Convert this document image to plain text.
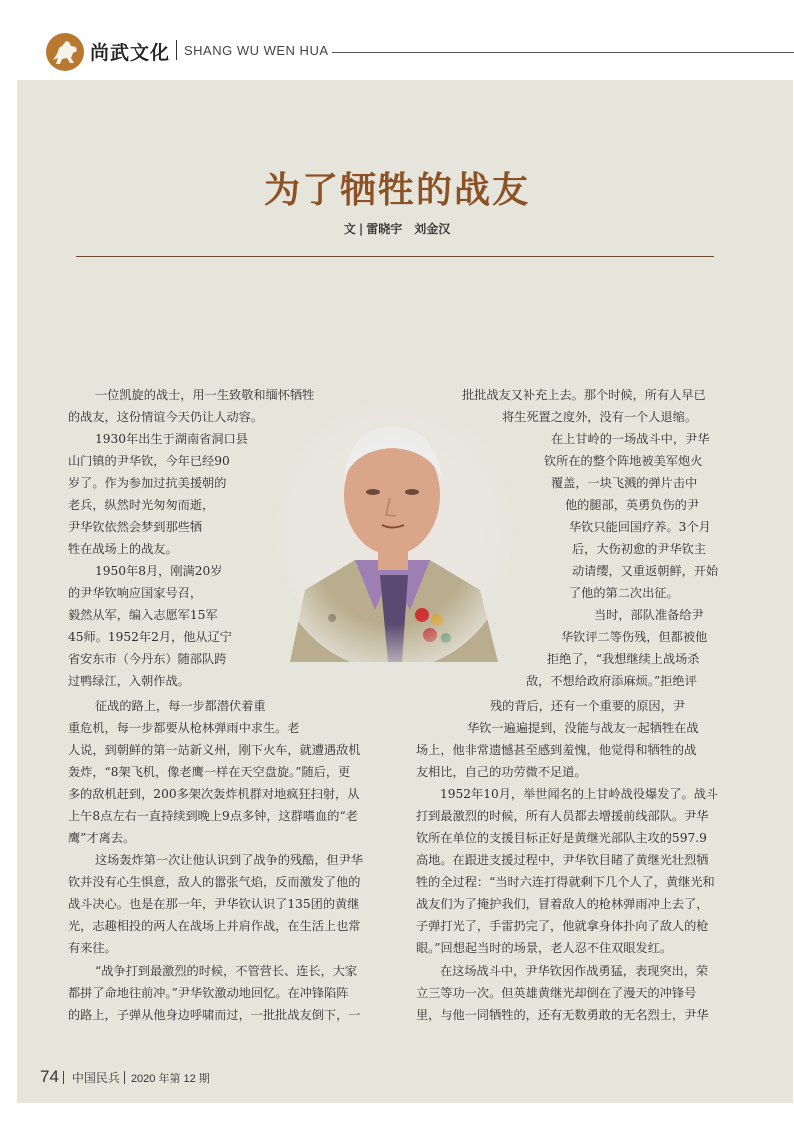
尚武文化 SHANG WU WEN HUA
为了牺牲的战友
文 | 雷晓宇　刘金汉
一位凯旋的战士，用一生致敬和缅怀牺牲
的战友，这份情谊今天仍让人动容。
1930年出生于湖南省洞口县
山门镇的尹华钦，今年已经90
岁了。作为参加过抗美援朝的
老兵，纵然时光匆匆而逝，
尹华钦依然会梦到那些牺
牲在战场上的战友。
1950年8月，刚满20岁
的尹华钦响应国家号召，
毅然从军，编入志愿军15军
45师。1952年2月，他从辽宁
省安东市（今丹东）随部队跨
过鸭绿江，入朝作战。
征战的路上，每一步都潜伏着重
重危机，每一步都要从枪林弹雨中求生。老
人说，到朝鲜的第一站新义州，刚下火车，就遭遇敌机
轰炸，“8架飞机，像老鹰一样在天空盘旋。”随后，更
多的敌机赶到，200多架次轰炸机群对地疯狂扫射，从
上午8点左右一直持续到晚上9点多钟，这群嗜血的“老
鹰”才离去。
这场轰炸第一次让他认识到了战争的残酷，但尹华
钦并没有心生惧意，敌人的嚣张气焰，反而激发了他的
战斗决心。也是在那一年，尹华钦认识了135团的黄继
光，志趣相投的两人在战场上并肩作战，在生活上也常
有来往。
“战争打到最激烈的时候，不管营长、连长，大家
都拼了命地往前冲。”尹华钦激动地回忆。在冲锋陷阵
的路上，子弹从他身边呼啸而过，一批批战友倒下，一
批批战友又补充上去。那个时候，所有人早已
将生死置之度外，没有一个人退缩。
在上甘岭的一场战斗中，尹华
钦所在的整个阵地被美军炮火
覆盖，一块飞溅的弹片击中
他的腿部，英勇负伤的尹
华钦只能回国疗养。3个月
后，大伤初愈的尹华钦主
动请缨，又重返朝鲜，开始
了他的第二次出征。
当时，部队准备给尹
华钦评二等伤残，但都被他
拒绝了，“我想继续上战场杀
敌，不想给政府添麻烦。”拒绝评
残的背后，还有一个重要的原因，尹
华钦一遍遍提到，没能与战友一起牺牲在战
场上，他非常遗憾甚至感到羞愧，他觉得和牺牲的战
友相比，自己的功劳微不足道。
1952年10月，举世闻名的上甘岭战役爆发了。战斗
打到最激烈的时候，所有人员都去增援前线部队。尹华
钦所在单位的支援目标正好是黄继光部队主攻的597.9
高地。在跟进支援过程中，尹华钦目睹了黄继光壮烈牺
牲的全过程：“当时六连打得就剩下几个人了，黄继光和
战友们为了掩护我们，冒着敌人的枪林弹雨冲上去了，
子弹打光了，手雷扔完了，他就拿身体扑向了敌人的枪
眼。”回想起当时的场景，老人忍不住双眼发红。
在这场战斗中，尹华钦因作战勇猛，表现突出，荣
立三等功一次。但英雄黄继光却倒在了漫天的冲锋号
里，与他一同牺牲的，还有无数勇敢的无名烈士，尹华
74 中国民兵 2020 年第 12 期
